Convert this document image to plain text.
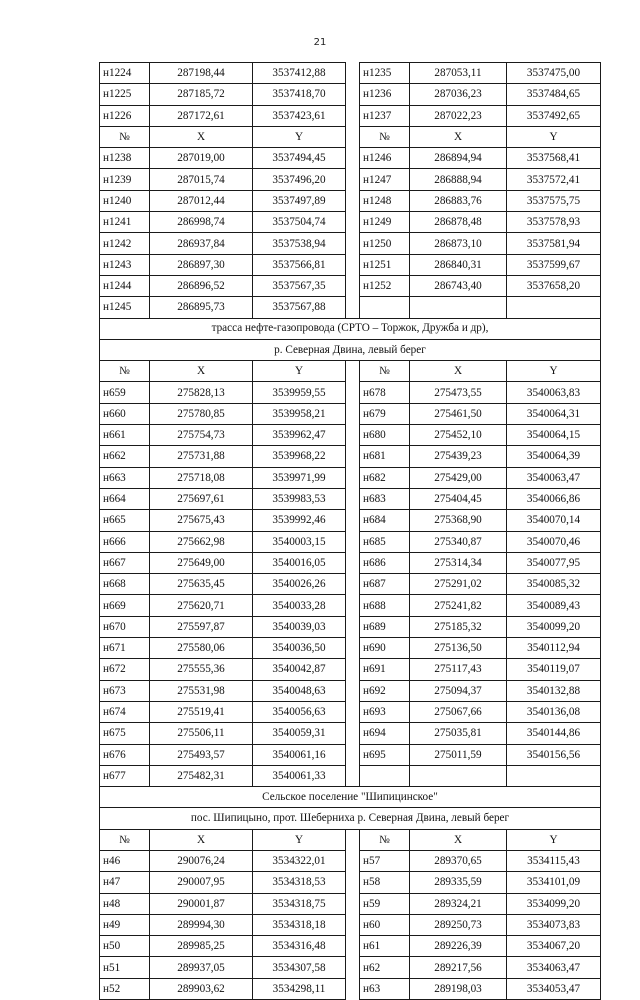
21
н1224	287198,44	3537412,88		н1235	287053,11	3537475,00
н1225	287185,72	3537418,70		н1236	287036,23	3537484,65
н1226	287172,61	3537423,61		н1237	287022,23	3537492,65
№	X	Y		№	X	Y
н1238	287019,00	3537494,45		н1246	286894,94	3537568,41
н1239	287015,74	3537496,20		н1247	286888,94	3537572,41
н1240	287012,44	3537497,89		н1248	286883,76	3537575,75
н1241	286998,74	3537504,74		н1249	286878,48	3537578,93
н1242	286937,84	3537538,94		н1250	286873,10	3537581,94
н1243	286897,30	3537566,81		н1251	286840,31	3537599,67
н1244	286896,52	3537567,35		н1252	286743,40	3537658,20
н1245	286895,73	3537567,88				
трасса нефте-газопровода (СРТО – Торжок, Дружба и др),						
р. Северная Двина, левый берег						
№	X	Y		№	X	Y
н659	275828,13	3539959,55		н678	275473,55	3540063,83
н660	275780,85	3539958,21		н679	275461,50	3540064,31
н661	275754,73	3539962,47		н680	275452,10	3540064,15
н662	275731,88	3539968,22		н681	275439,23	3540064,39
н663	275718,08	3539971,99		н682	275429,00	3540063,47
н664	275697,61	3539983,53		н683	275404,45	3540066,86
н665	275675,43	3539992,46		н684	275368,90	3540070,14
н666	275662,98	3540003,15		н685	275340,87	3540070,46
н667	275649,00	3540016,05		н686	275314,34	3540077,95
н668	275635,45	3540026,26		н687	275291,02	3540085,32
н669	275620,71	3540033,28		н688	275241,82	3540089,43
н670	275597,87	3540039,03		н689	275185,32	3540099,20
н671	275580,06	3540036,50		н690	275136,50	3540112,94
н672	275555,36	3540042,87		н691	275117,43	3540119,07
н673	275531,98	3540048,63		н692	275094,37	3540132,88
н674	275519,41	3540056,63		н693	275067,66	3540136,08
н675	275506,11	3540059,31		н694	275035,81	3540144,86
н676	275493,57	3540061,16		н695	275011,59	3540156,56
н677	275482,31	3540061,33				
Сельское поселение "Шипицинское"						
пос. Шипицыно, прот. Шеберниха р. Северная Двина, левый берег						
№	X	Y		№	X	Y
н46	290076,24	3534322,01		н57	289370,65	3534115,43
н47	290007,95	3534318,53		н58	289335,59	3534101,09
н48	290001,87	3534318,75		н59	289324,21	3534099,20
н49	289994,30	3534318,18		н60	289250,73	3534073,83
н50	289985,25	3534316,48		н61	289226,39	3534067,20
н51	289937,05	3534307,58		н62	289217,56	3534063,47
н52	289903,62	3534298,11		н63	289198,03	3534053,47
